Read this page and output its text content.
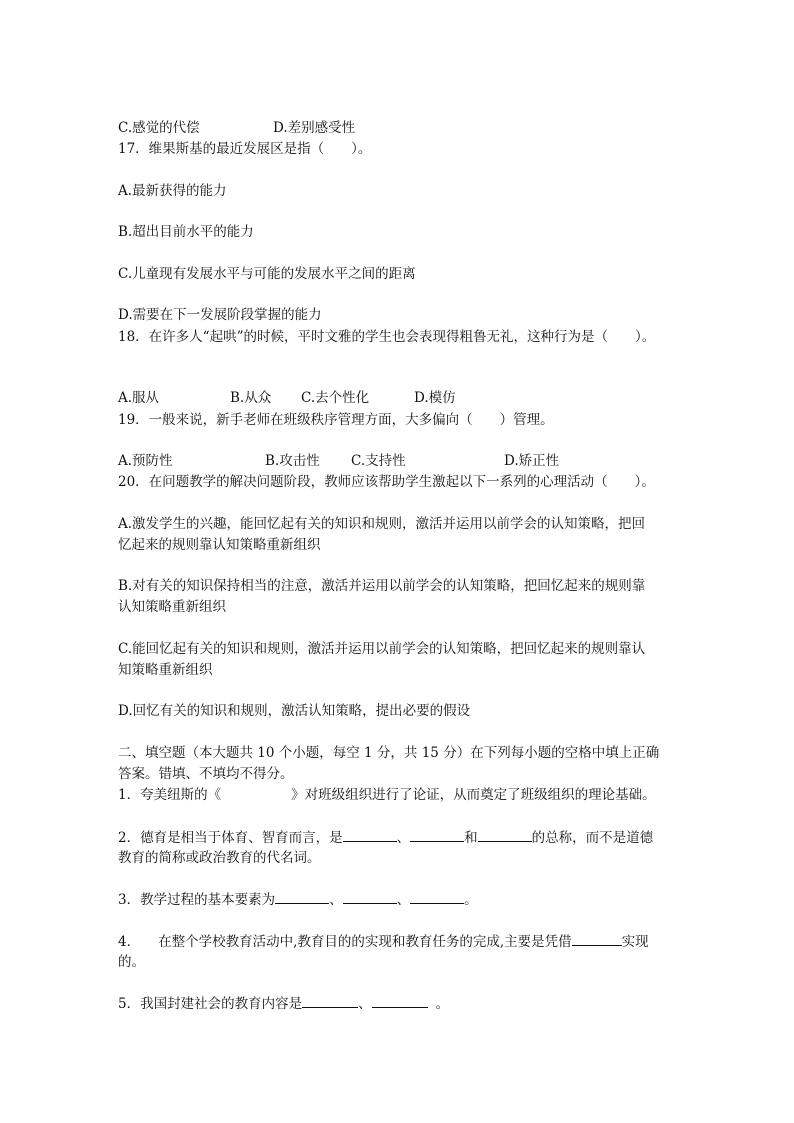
C.感觉的代偿	D.差别感受性
17．维果斯基的最近发展区是指（　　）。
A.最新获得的能力
B.超出目前水平的能力
C.儿童现有发展水平与可能的发展水平之间的距离
D.需要在下一发展阶段掌握的能力
18．在许多人“起哄”的时候，平时文雅的学生也会表现得粗鲁无礼，这种行为是（　　）。
A.服从	B.从众 C.去个性化	D.模仿
19．一般来说，新手老师在班级秩序管理方面，大多偏向（　　）管理。
A.预防性	B.攻击性 C.支持性	D.矫正性
20．在问题教学的解决问题阶段，教师应该帮助学生激起以下一系列的心理活动（　　）。
A.激发学生的兴趣，能回忆起有关的知识和规则，激活并运用以前学会的认知策略，把回
忆起来的规则靠认知策略重新组织
B.对有关的知识保持相当的注意，激活并运用以前学会的认知策略，把回忆起来的规则靠
认知策略重新组织
C.能回忆起有关的知识和规则，激活并运用以前学会的认知策略，把回忆起来的规则靠认
知策略重新组织
D.回忆有关的知识和规则，激活认知策略，提出必要的假设
二、填空题（本大题共 10 个小题，每空 1 分，共 15 分）在下列每小题的空格中填上正确
答案。错填、不填均不得分。
1．夸美纽斯的《	》对班级组织进行了论证，从而奠定了班级组织的理论基础。
2．德育是相当于体育、智育而言，是	、	和	的总称，而不是道德
教育的简称或政治教育的代名词。
3．教学过程的基本要素为	、	、	。
4． 在整个学校教育活动中,教育目的的实现和教育任务的完成,主要是凭借	实现
的。
5．我国封建社会的教育内容是	、	。
